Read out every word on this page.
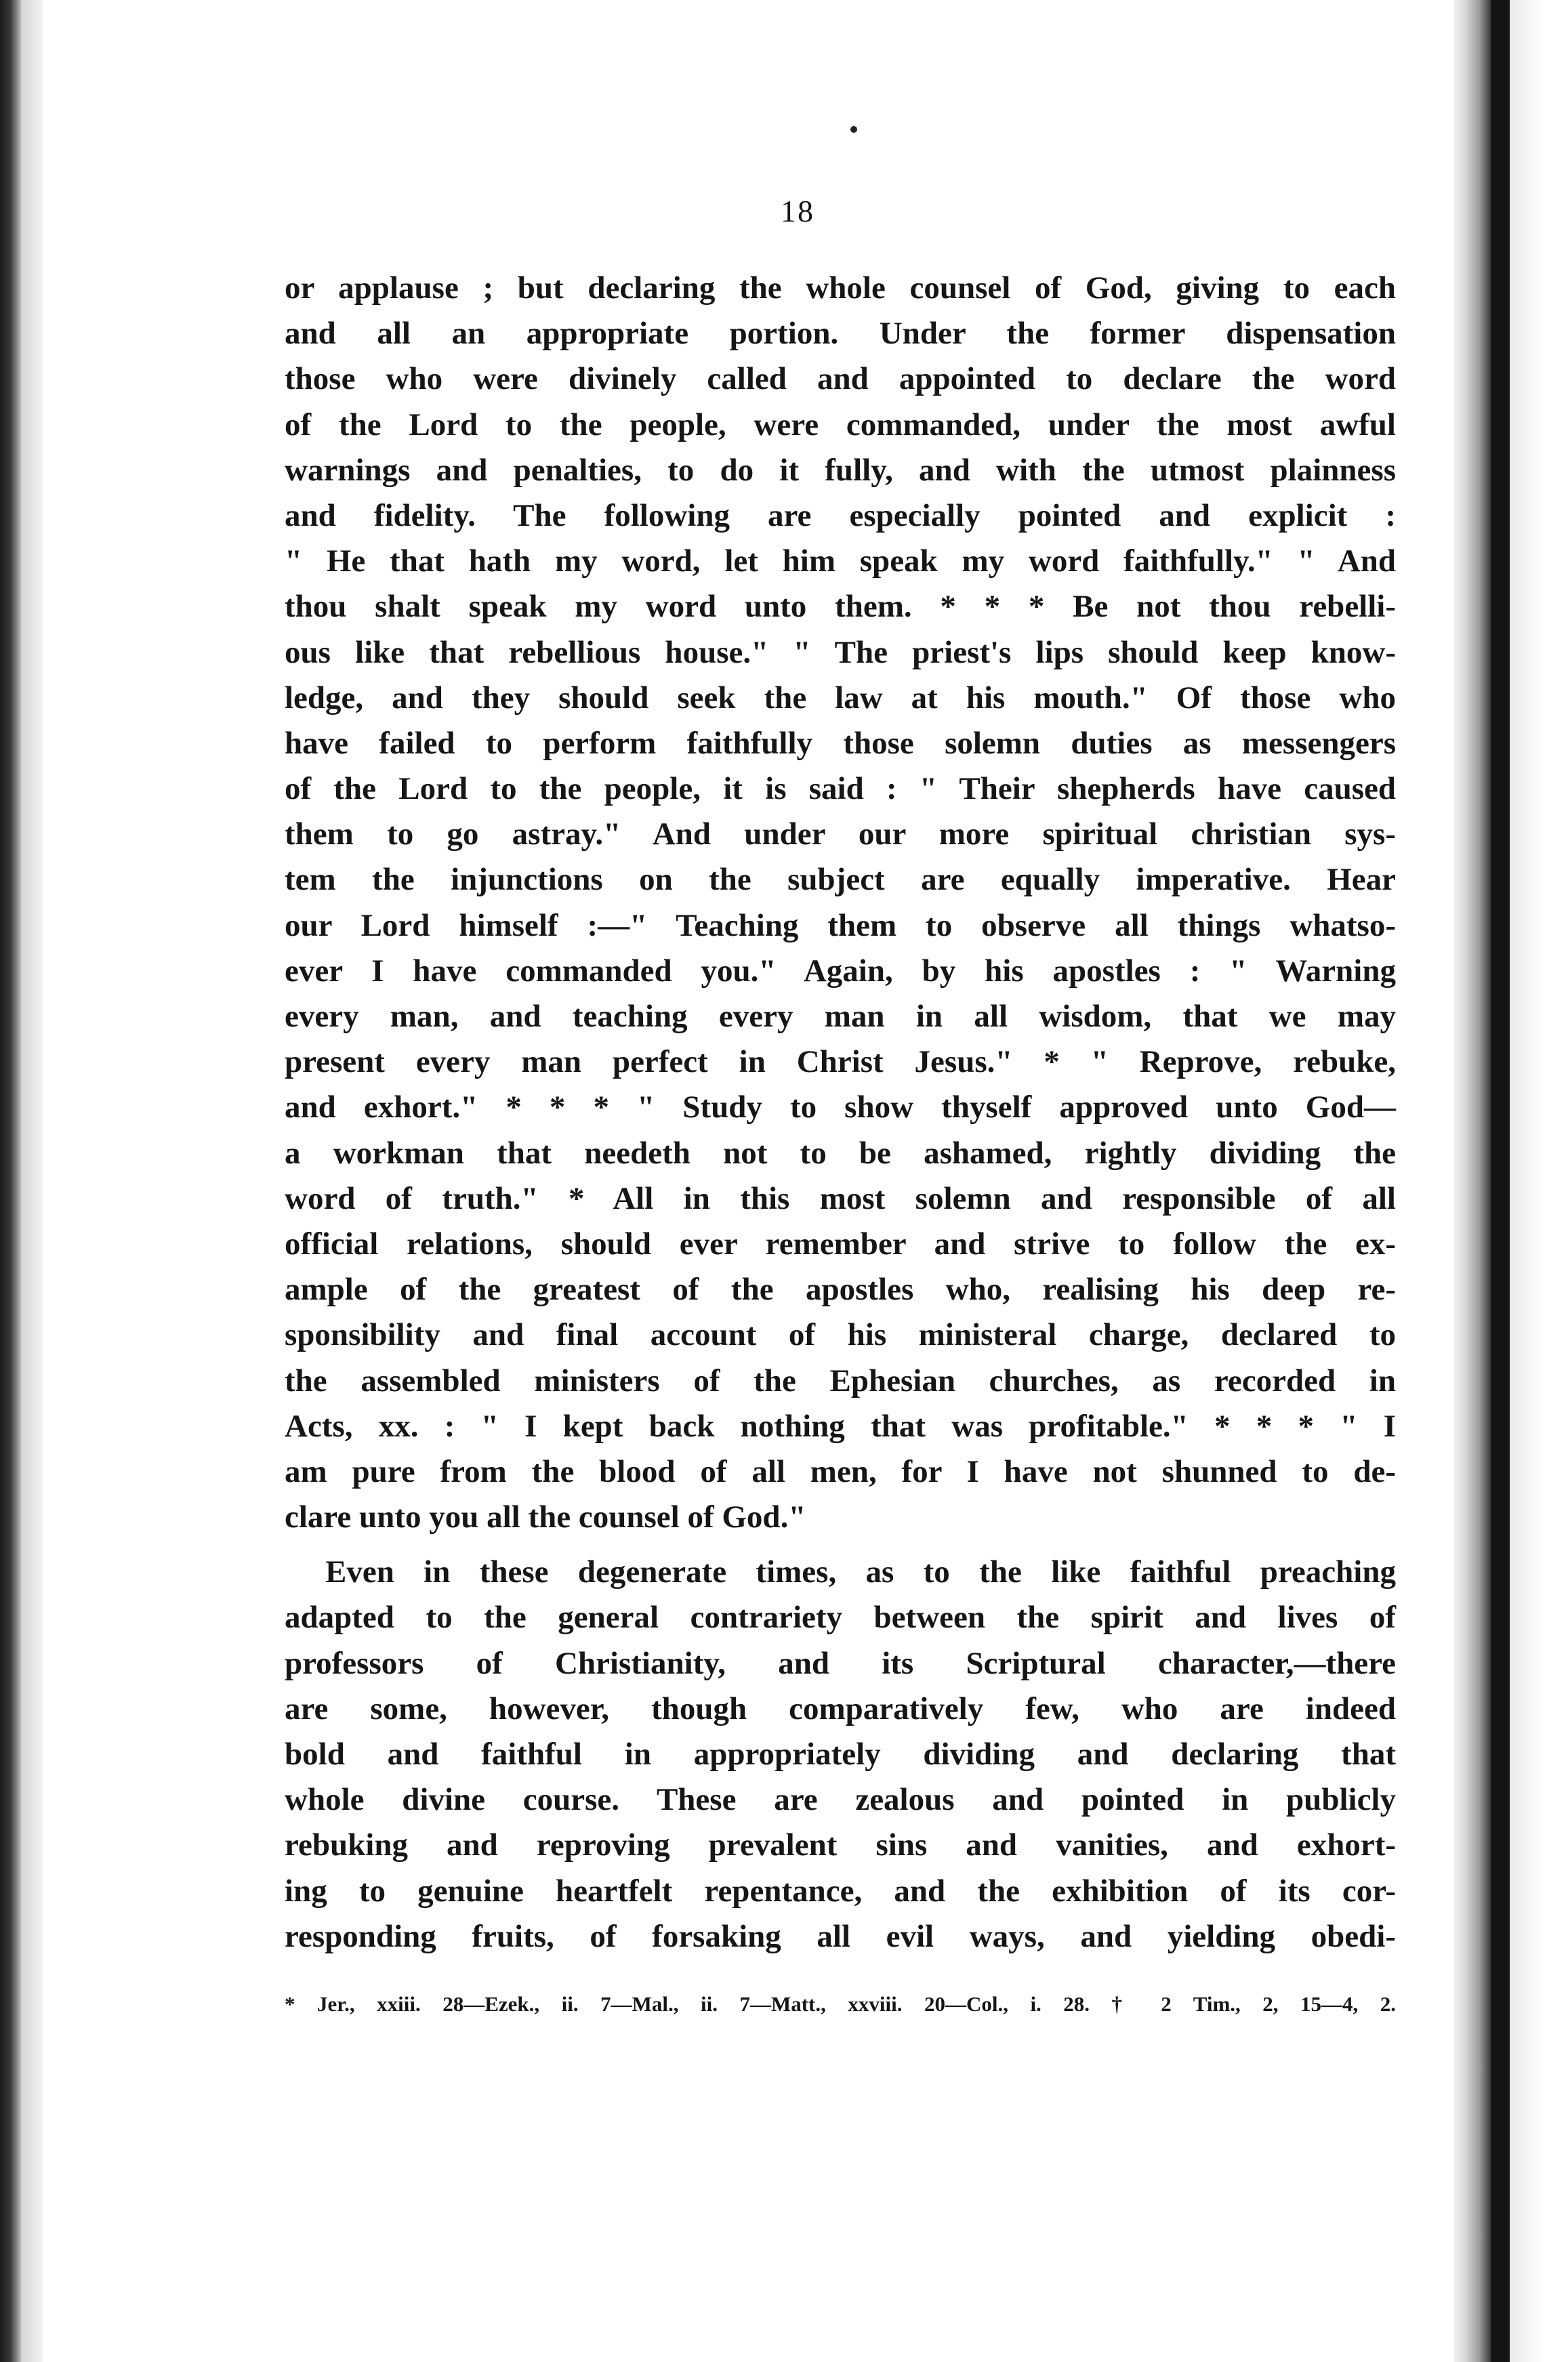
18
or applause ; but declaring the whole counsel of God, giving to each
and all an appropriate portion. Under the former dispensation
those who were divinely called and appointed to declare the word
of the Lord to the people, were commanded, under the most awful
warnings and penalties, to do it fully, and with the utmost plainness
and fidelity. The following are especially pointed and explicit :
" He that hath my word, let him speak my word faithfully." " And
thou shalt speak my word unto them. * * * Be not thou rebelli-
ous like that rebellious house." " The priest's lips should keep know-
ledge, and they should seek the law at his mouth." Of those who
have failed to perform faithfully those solemn duties as messengers
of the Lord to the people, it is said : " Their shepherds have caused
them to go astray." And under our more spiritual christian sys-
tem the injunctions on the subject are equally imperative. Hear
our Lord himself :—" Teaching them to observe all things whatso-
ever I have commanded you." Again, by his apostles : " Warning
every man, and teaching every man in all wisdom, that we may
present every man perfect in Christ Jesus." * " Reprove, rebuke,
and exhort." * * * " Study to show thyself approved unto God—
a workman that needeth not to be ashamed, rightly dividing the
word of truth." * All in this most solemn and responsible of all
official relations, should ever remember and strive to follow the ex-
ample of the greatest of the apostles who, realising his deep re-
sponsibility and final account of his ministeral charge, declared to
the assembled ministers of the Ephesian churches, as recorded in
Acts, xx. : " I kept back nothing that was profitable." * * * " I
am pure from the blood of all men, for I have not shunned to de-
clare unto you all the counsel of God."
Even in these degenerate times, as to the like faithful preaching
adapted to the general contrariety between the spirit and lives of
professors of Christianity, and its Scriptural character,—there
are some, however, though comparatively few, who are indeed
bold and faithful in appropriately dividing and declaring that
whole divine course. These are zealous and pointed in publicly
rebuking and reproving prevalent sins and vanities, and exhort-
ing to genuine heartfelt repentance, and the exhibition of its cor-
responding fruits, of forsaking all evil ways, and yielding obedi-
* Jer., xxiii. 28—Ezek., ii. 7—Mal., ii. 7—Matt., xxviii. 20—Col., i. 28. † 2 Tim., 2, 15—4, 2.
